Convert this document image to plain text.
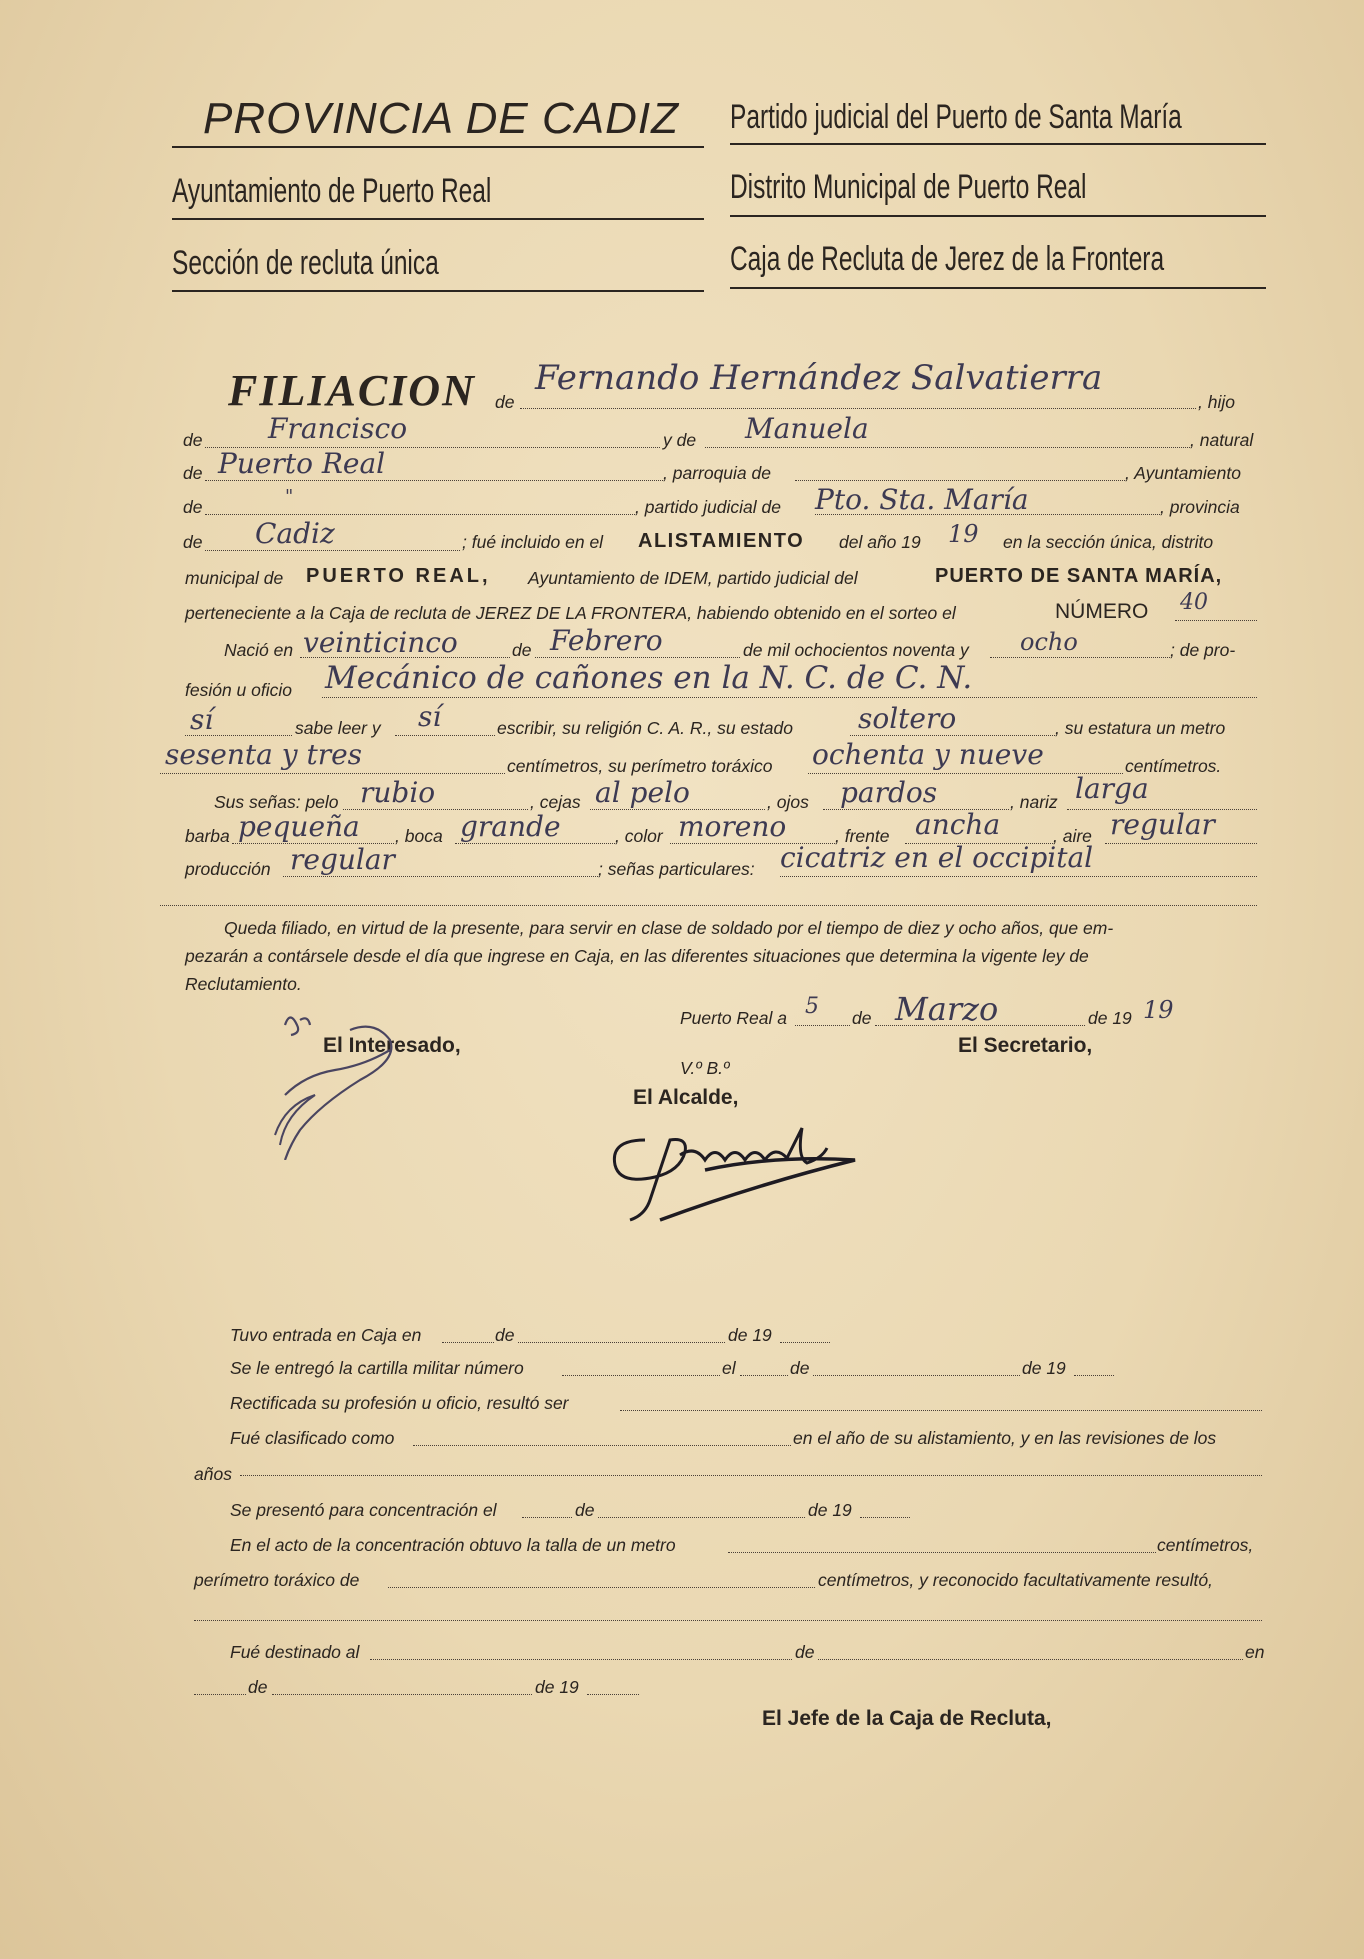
PROVINCIA DE CADIZ Partido judicial del Puerto de Santa María
Ayuntamiento de Puerto Real	Distrito Municipal de Puerto Real
Sección de recluta única	Caja de Recluta de Jerez de la Frontera
FILIACION de
Fernando Hernández Salvatierra
, hijo
de Francisco	y de Manuela	, natural
de Puerto Real	, parroquia de	, Ayuntamiento
de	"	, partido judicial de Pto. Sta. María	, provincia
de Cadiz	; fué incluido en el ALISTAMIENTO del año 19 19 en la sección única, distrito
municipal de PUERTO REAL, Ayuntamiento de IDEM, partido judicial del	PUERTO DE SANTA MARÍA,
perteneciente a la Caja de recluta de JEREZ DE LA FRONTERA, habiendo obtenido en el sorteo el	NÚMERO 40
Nació en veinticinco	de Febrero	de mil ochocientos noventa y ocho	; de pro-
fesión u oficio Mecánico de cañones en la N. C. de C. N.
sí	sabe leer y sí	escribir, su religión C. A. R., su estado soltero	, su estatura un metro
sesenta y tres	centímetros, su perímetro toráxico ochenta y nueve	centímetros.
Sus señas: pelo rubio	, cejas al pelo	, ojos pardos	, nariz larga
barba pequeña , boca grande	, color moreno	, frente ancha	, aire regular
producción regular	; señas particulares: cicatriz en el occipital
Queda filiado, en virtud de la presente, para servir en clase de soldado por el tiempo de diez y ocho años, que em-
pezarán a contársele desde el día que ingrese en Caja, en las diferentes situaciones que determina la vigente ley de
Reclutamiento.
Puerto Real a 5 de Marzo	de 19 19
El Interesado,	El Secretario,
V.º B.º
El Alcalde,
Tuvo entrada en Caja en	de	de 19
Se le entregó la cartilla militar número	el	de	de 19
Rectificada su profesión u oficio, resultó ser
Fué clasificado como	en el año de su alistamiento, y en las revisiones de los
años
Se presentó para concentración el	de	de 19
En el acto de la concentración obtuvo la talla de un metro	centímetros,
perímetro toráxico de	centímetros, y reconocido facultativamente resultó,
Fué destinado al	de	en
de	de 19
El Jefe de la Caja de Recluta,
